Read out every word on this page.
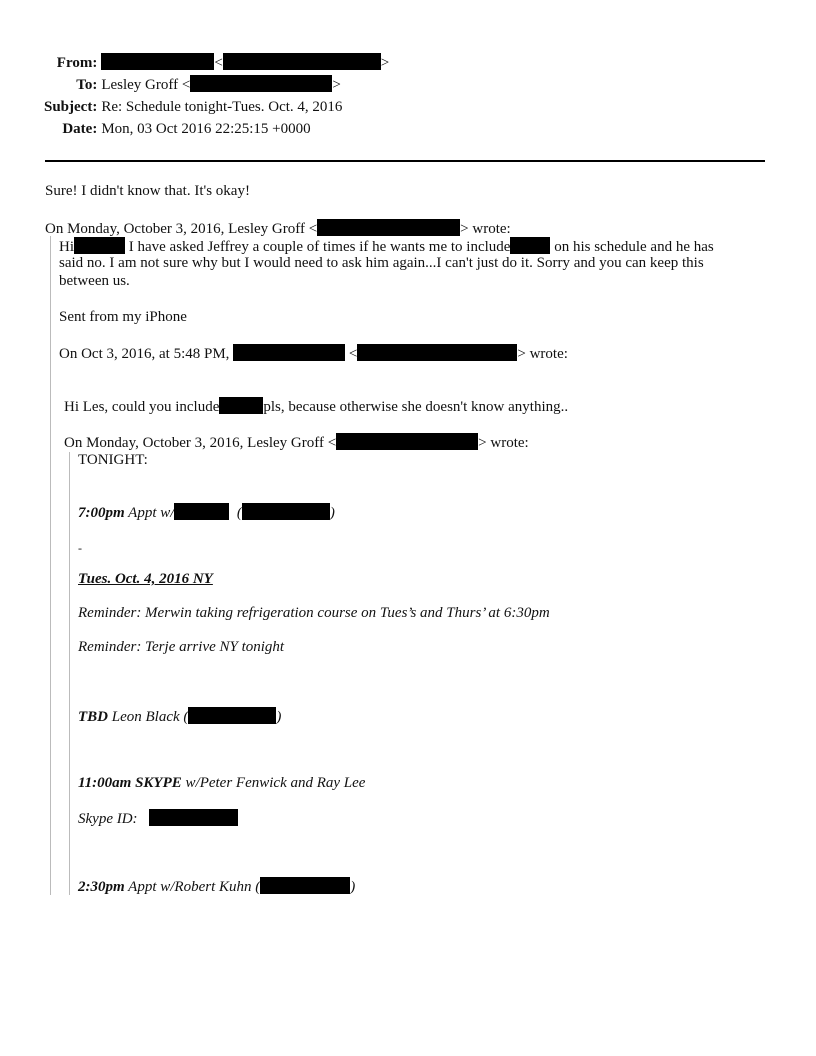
From:	< >
To:	Lesley Groff < >
Subject:	Re: Schedule tonight-Tues. Oct. 4, 2016
Date:	Mon, 03 Oct 2016 22:25:15 +0000
Sure! I didn't know that. It's okay!
On Monday, October 3, 2016, Lesley Groff <	> wrote:
Hi	I have asked Jeffrey a couple of times if he wants me to include	on his schedule and he has
said no. I am not sure why but I would need to ask him again...I can't just do it. Sorry and you can keep this
between us.
Sent from my iPhone
On Oct 3, 2016, at 5:48 PM,	<	> wrote:
Hi Les, could you include	pls, because otherwise she doesn't know anything..
On Monday, October 3, 2016, Lesley Groff <	> wrote:
TONIGHT:
7:00pm Appt w/	(	)
-
Tues. Oct. 4, 2016 NY
Reminder: Merwin taking refrigeration course on Tues’s and Thurs’ at 6:30pm
Reminder: Terje arrive NY tonight
TBD Leon Black (	)
11:00am SKYPE w/Peter Fenwick and Ray Lee
Skype ID:
2:30pm Appt w/Robert Kuhn (	)
